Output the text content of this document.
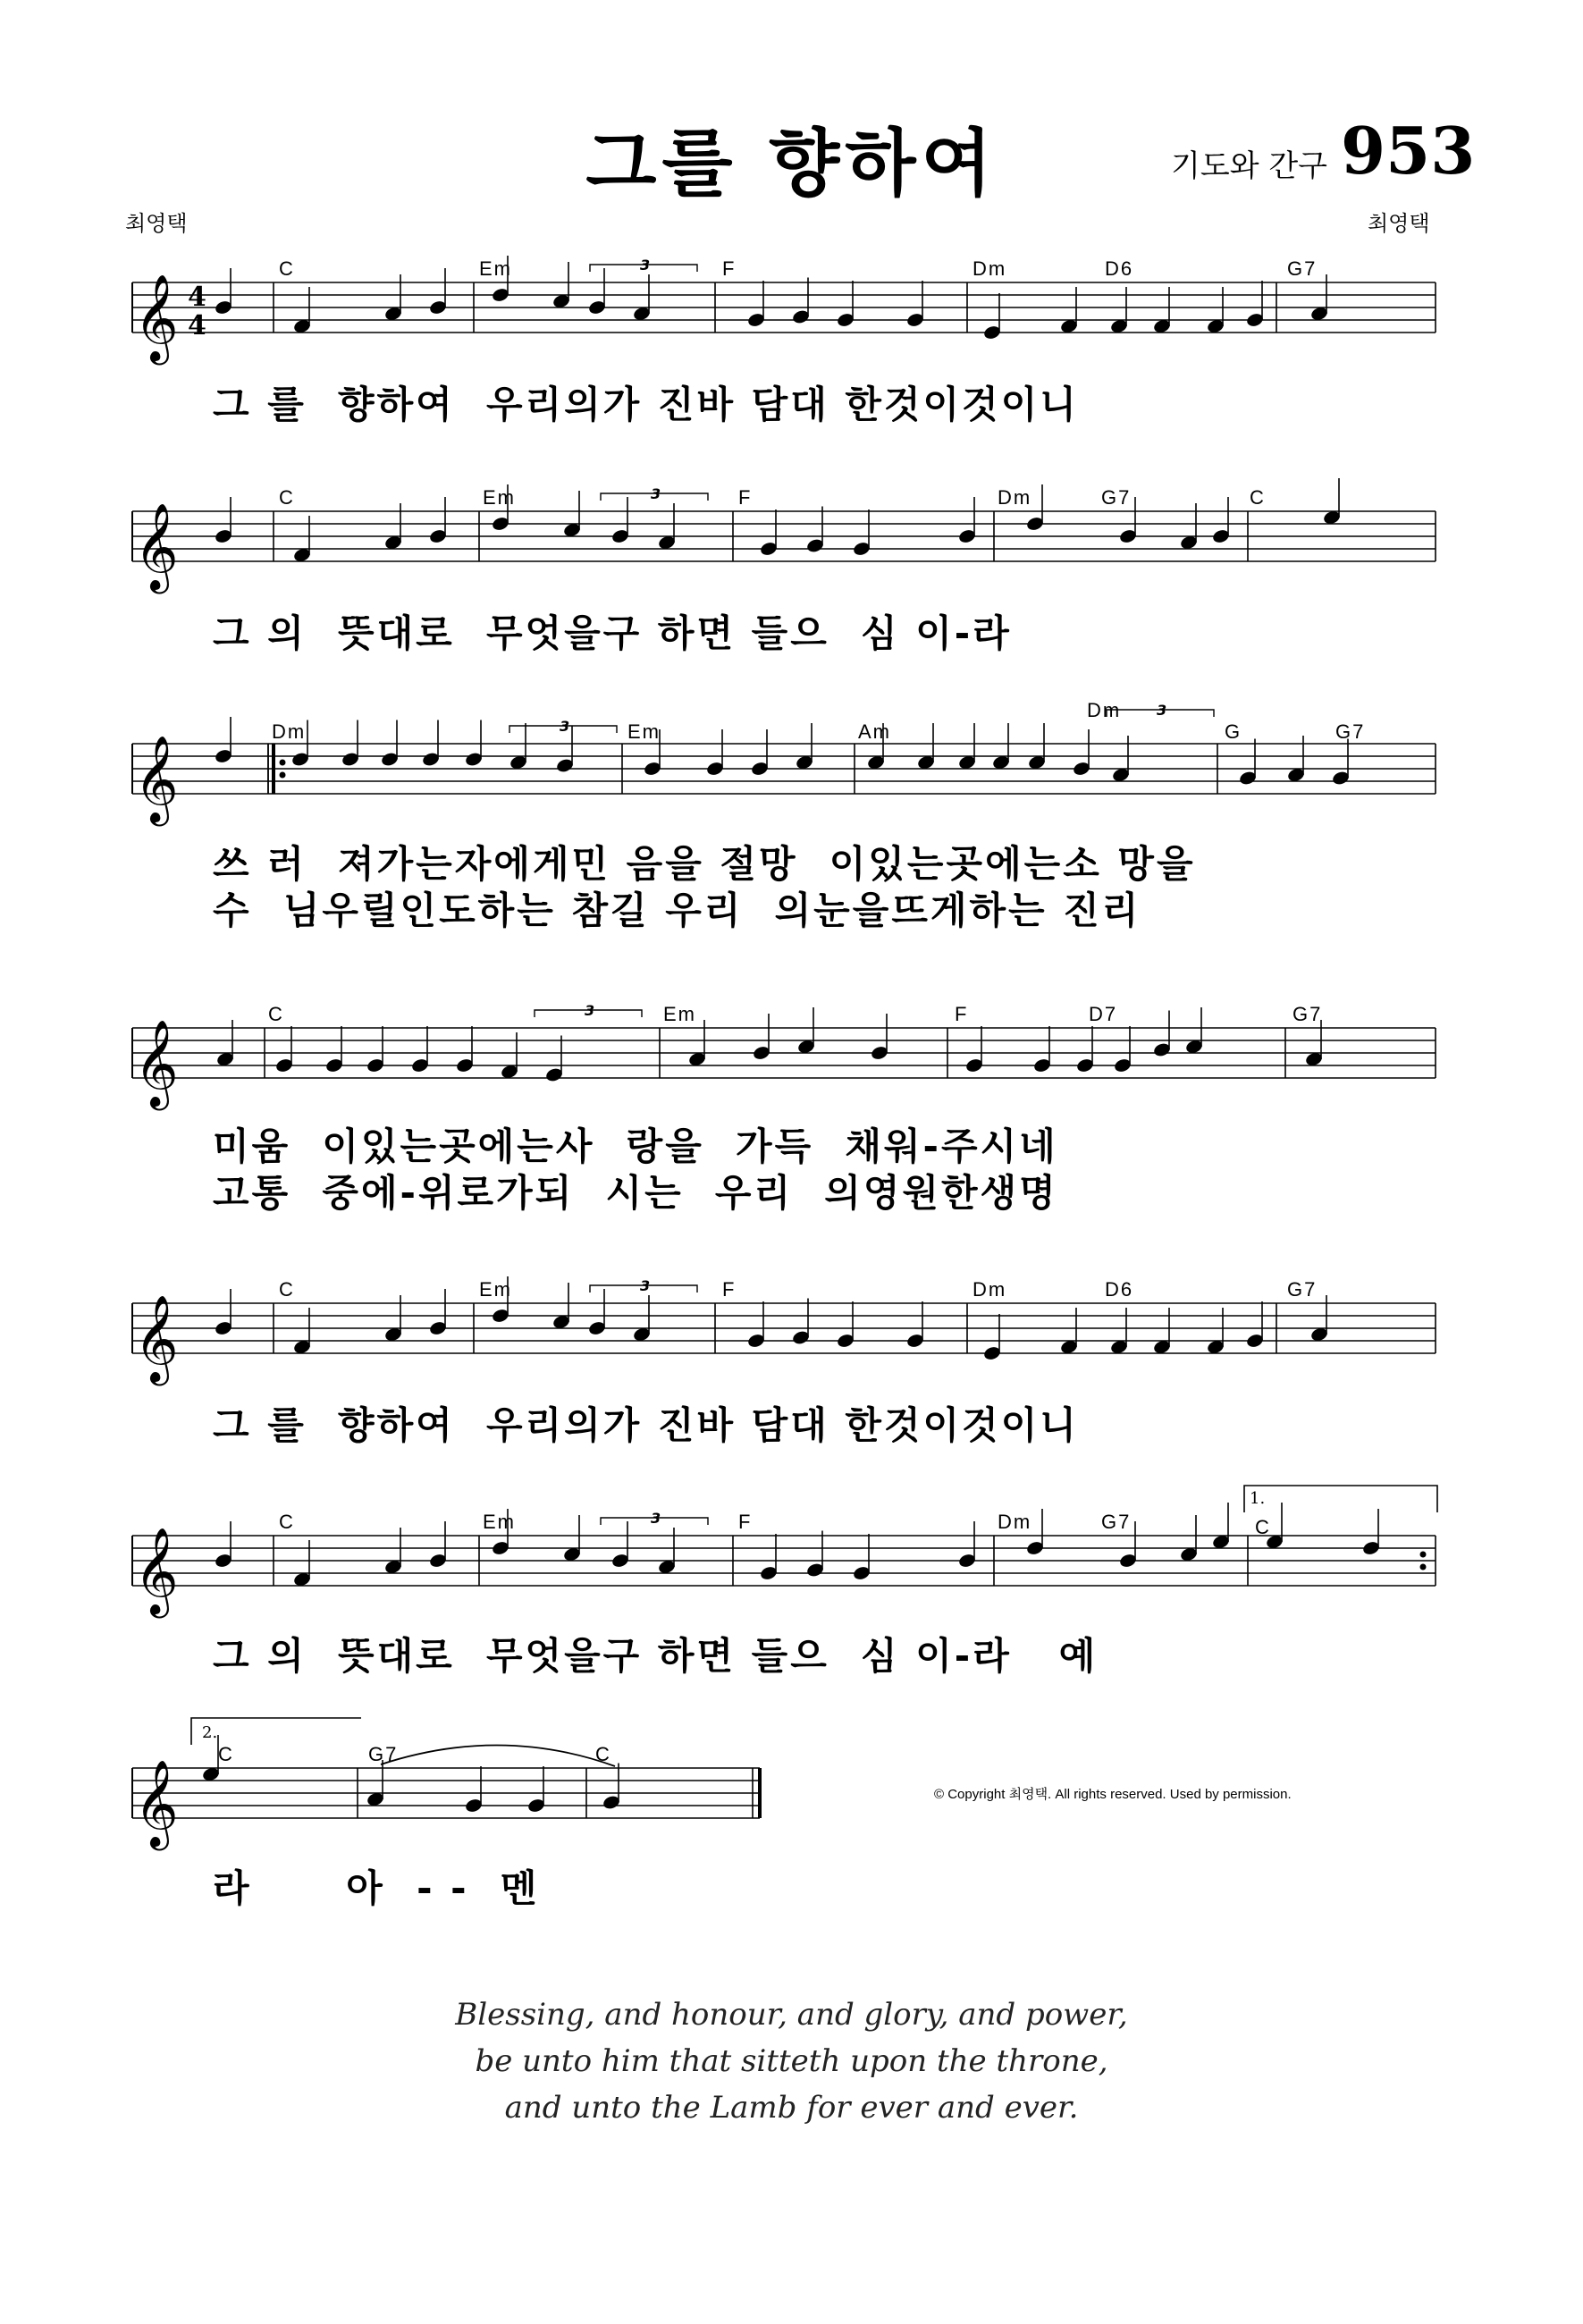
그를 향하여	기도와 간구 953
최영택	최영택
𝄞 4
4
𝄞
𝄞
𝄞
𝄞
𝄞
𝄞
3
3
3
3
3
3
3
C	Em	F	Dm	D6	G7
그 를  향하여  우리의가 진바 담대 한것이것이니
C	Em	F	Dm	G7	C
그 의  뜻대로  무엇을구 하면 들으  심 이-라
Dm	Em	Am
Dm
G	G7
쓰 러  져가는자에게민 음을 절망  이있는곳에는소 망을
수  님우릴인도하는 참길 우리  의눈을뜨게하는 진리
C	Em	F	D7	G7
미움  이있는곳에는사  랑을  가득  채워-주시네
고통  중에-위로가되  시는  우리  의영원한생명
C	Em	F	Dm	D6	G7
그 를  향하여  우리의가 진바 담대 한것이것이니
C	Em	F	Dm	G7	C
1.
그 의  뜻대로  무엇을구 하면 들으  심 이-라   예
2.
C	G7	C
라      아  - -  멘
© Copyright 최영택. All rights reserved. Used by permission.
Blessing, and honour, and glory, and power,
be unto him that sitteth upon the throne,
and unto the Lamb for ever and ever.
